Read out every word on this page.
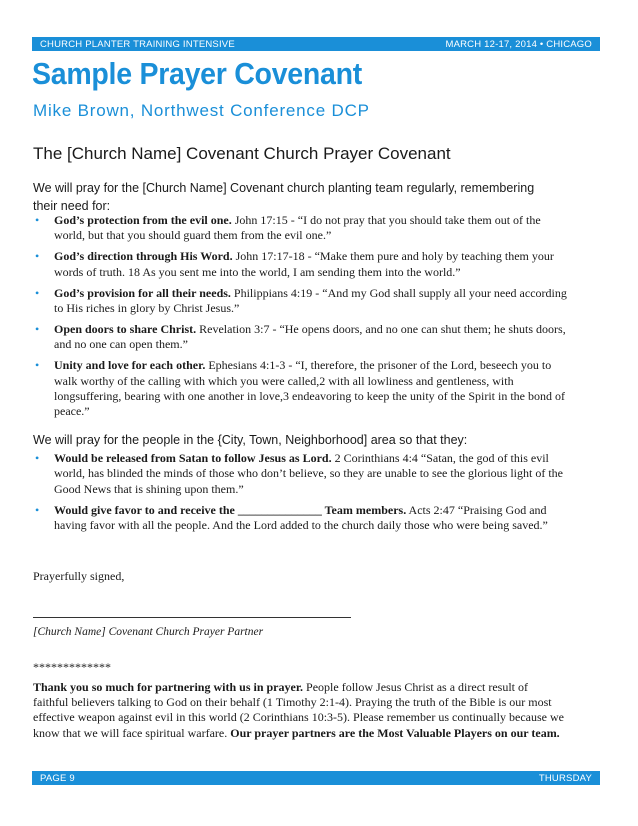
CHURCH PLANTER TRAINING INTENSIVE	MARCH 12-17, 2014 • CHICAGO
Sample Prayer Covenant
Mike Brown, Northwest Conference DCP
The [Church Name] Covenant Church Prayer Covenant
We will pray for the [Church Name] Covenant church planting team regularly, remembering their need for:
• God’s protection from the evil one. John 17:15 - “I do not pray that you should take them out of the world, but that you should guard them from the evil one.”
• God’s direction through His Word. John 17:17-18 - “Make them pure and holy by teaching them your words of truth. 18 As you sent me into the world, I am sending them into the world.”
• God’s provision for all their needs. Philippians 4:19 - “And my God shall supply all your need according to His riches in glory by Christ Jesus.”
• Open doors to share Christ. Revelation 3:7 - “He opens doors, and no one can shut them; he shuts doors, and no one can open them.”
• Unity and love for each other. Ephesians 4:1-3 - “I, therefore, the prisoner of the Lord, beseech you to walk worthy of the calling with which you were called,2 with all lowliness and gentleness, with longsuffering, bearing with one another in love,3 endeavoring to keep the unity of the Spirit in the bond of peace.”
We will pray for the people in the {City, Town, Neighborhood] area so that they:
• Would be released from Satan to follow Jesus as Lord. 2 Corinthians 4:4 “Satan, the god of this evil world, has blinded the minds of those who don’t believe, so they are unable to see the glorious light of the Good News that is shining upon them.”
• Would give favor to and receive the ______________ Team members. Acts 2:47 “Praising God and having favor with all the people. And the Lord added to the church daily those who were being saved.”
Prayerfully signed,
[Church Name] Covenant Church Prayer Partner
*************
Thank you so much for partnering with us in prayer. People follow Jesus Christ as a direct result of faithful believers talking to God on their behalf (1 Timothy 2:1-4). Praying the truth of the Bible is our most effective weapon against evil in this world (2 Corinthians 10:3-5). Please remember us continually because we know that we will face spiritual warfare. Our prayer partners are the Most Valuable Players on our team.
PAGE 9	THURSDAY
